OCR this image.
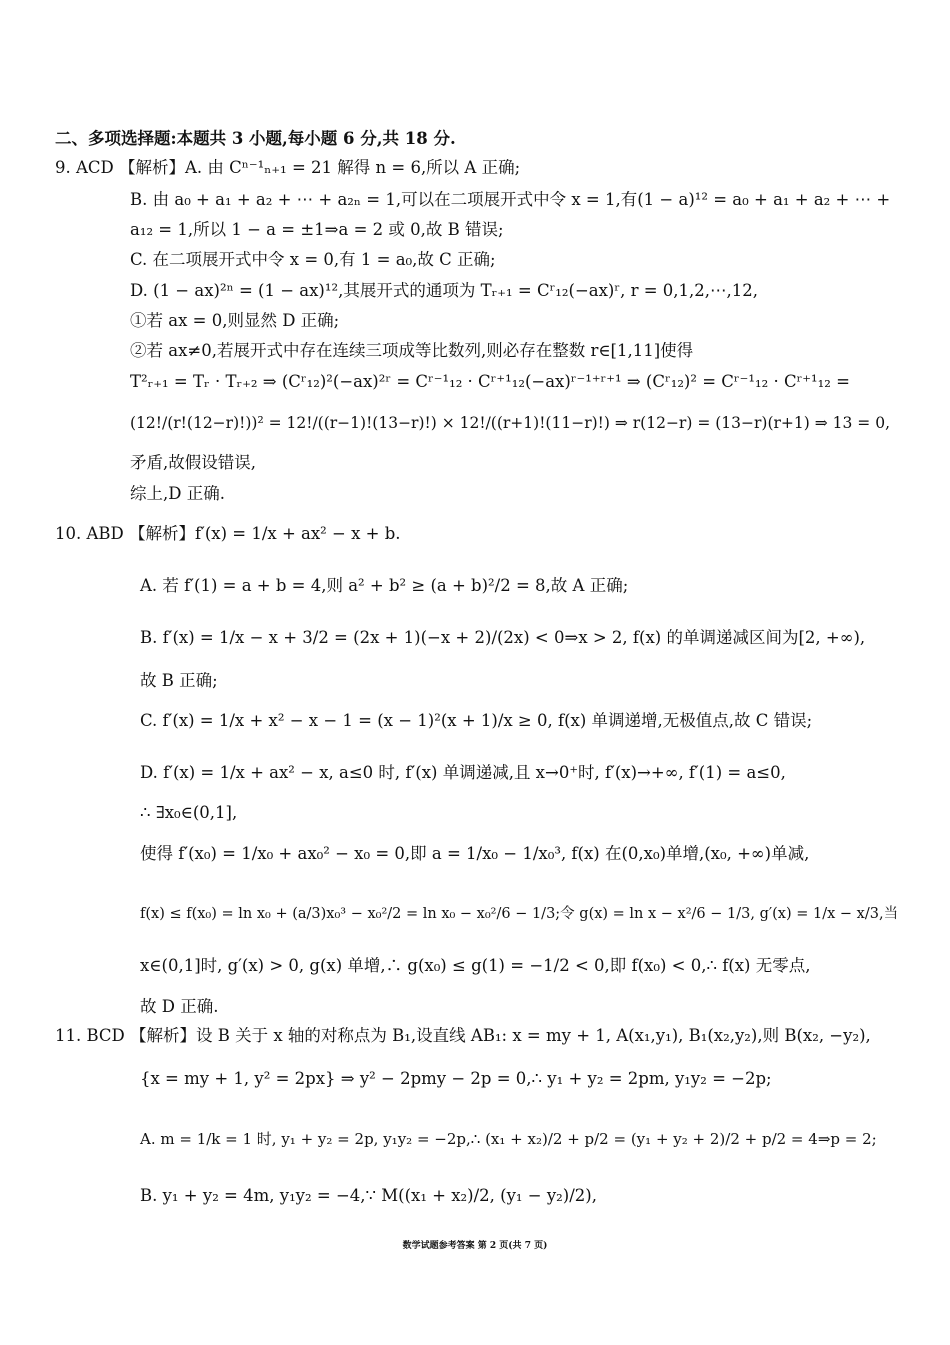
二、多项选择题:本题共 3 小题,每小题 6 分,共 18 分.
9. ACD 【解析】A. 由 Cⁿ⁻¹ₙ₊₁ = 21 解得 n = 6,所以 A 正确;
B. 由 a₀ + a₁ + a₂ + ⋯ + a₂ₙ = 1,可以在二项展开式中令 x = 1,有(1 − a)¹² = a₀ + a₁ + a₂ + ⋯ +
a₁₂ = 1,所以 1 − a = ±1⇒a = 2 或 0,故 B 错误;
C. 在二项展开式中令 x = 0,有 1 = a₀,故 C 正确;
D. (1 − ax)²ⁿ = (1 − ax)¹²,其展开式的通项为 Tᵣ₊₁ = Cʳ₁₂(−ax)ʳ, r = 0,1,2,⋯,12,
①若 ax = 0,则显然 D 正确;
②若 ax≠0,若展开式中存在连续三项成等比数列,则必存在整数 r∈[1,11]使得
T²ᵣ₊₁ = Tᵣ · Tᵣ₊₂ ⇒ (Cʳ₁₂)²(−ax)²ʳ = Cʳ⁻¹₁₂ · Cʳ⁺¹₁₂(−ax)ʳ⁻¹⁺ʳ⁺¹ ⇒ (Cʳ₁₂)² = Cʳ⁻¹₁₂ · Cʳ⁺¹₁₂ =
(12!/(r!(12−r)!))² = 12!/((r−1)!(13−r)!) × 12!/((r+1)!(11−r)!) ⇒ r(12−r) = (13−r)(r+1) ⇒ 13 = 0,
矛盾,故假设错误,
综上,D 正确.
10. ABD 【解析】f′(x) = 1/x + ax² − x + b.
A. 若 f′(1) = a + b = 4,则 a² + b² ≥ (a + b)²/2 = 8,故 A 正确;
B. f′(x) = 1/x − x + 3/2 = (2x + 1)(−x + 2)/(2x) < 0⇒x > 2, f(x) 的单调递减区间为[2, +∞),
故 B 正确;
C. f′(x) = 1/x + x² − x − 1 = (x − 1)²(x + 1)/x ≥ 0, f(x) 单调递增,无极值点,故 C 错误;
D. f′(x) = 1/x + ax² − x, a≤0 时, f′(x) 单调递减,且 x→0⁺时, f′(x)→+∞, f′(1) = a≤0,
∴ ∃x₀∈(0,1],
使得 f′(x₀) = 1/x₀ + ax₀² − x₀ = 0,即 a = 1/x₀ − 1/x₀³, f(x) 在(0,x₀)单增,(x₀, +∞)单减,
f(x) ≤ f(x₀) = ln x₀ + (a/3)x₀³ − x₀²/2 = ln x₀ − x₀²/6 − 1/3;令 g(x) = ln x − x²/6 − 1/3, g′(x) = 1/x − x/3,当
x∈(0,1]时, g′(x) > 0, g(x) 单增,∴ g(x₀) ≤ g(1) = −1/2 < 0,即 f(x₀) < 0,∴ f(x) 无零点,
故 D 正确.
11. BCD 【解析】设 B 关于 x 轴的对称点为 B₁,设直线 AB₁: x = my + 1, A(x₁,y₁), B₁(x₂,y₂),则 B(x₂, −y₂),
{x = my + 1, y² = 2px} ⇒ y² − 2pmy − 2p = 0,∴ y₁ + y₂ = 2pm, y₁y₂ = −2p;
A. m = 1/k = 1 时, y₁ + y₂ = 2p, y₁y₂ = −2p,∴ (x₁ + x₂)/2 + p/2 = (y₁ + y₂ + 2)/2 + p/2 = 4⇒p = 2;
B. y₁ + y₂ = 4m, y₁y₂ = −4,∵ M((x₁ + x₂)/2, (y₁ − y₂)/2),
数学试题参考答案 第 2 页(共 7 页)
